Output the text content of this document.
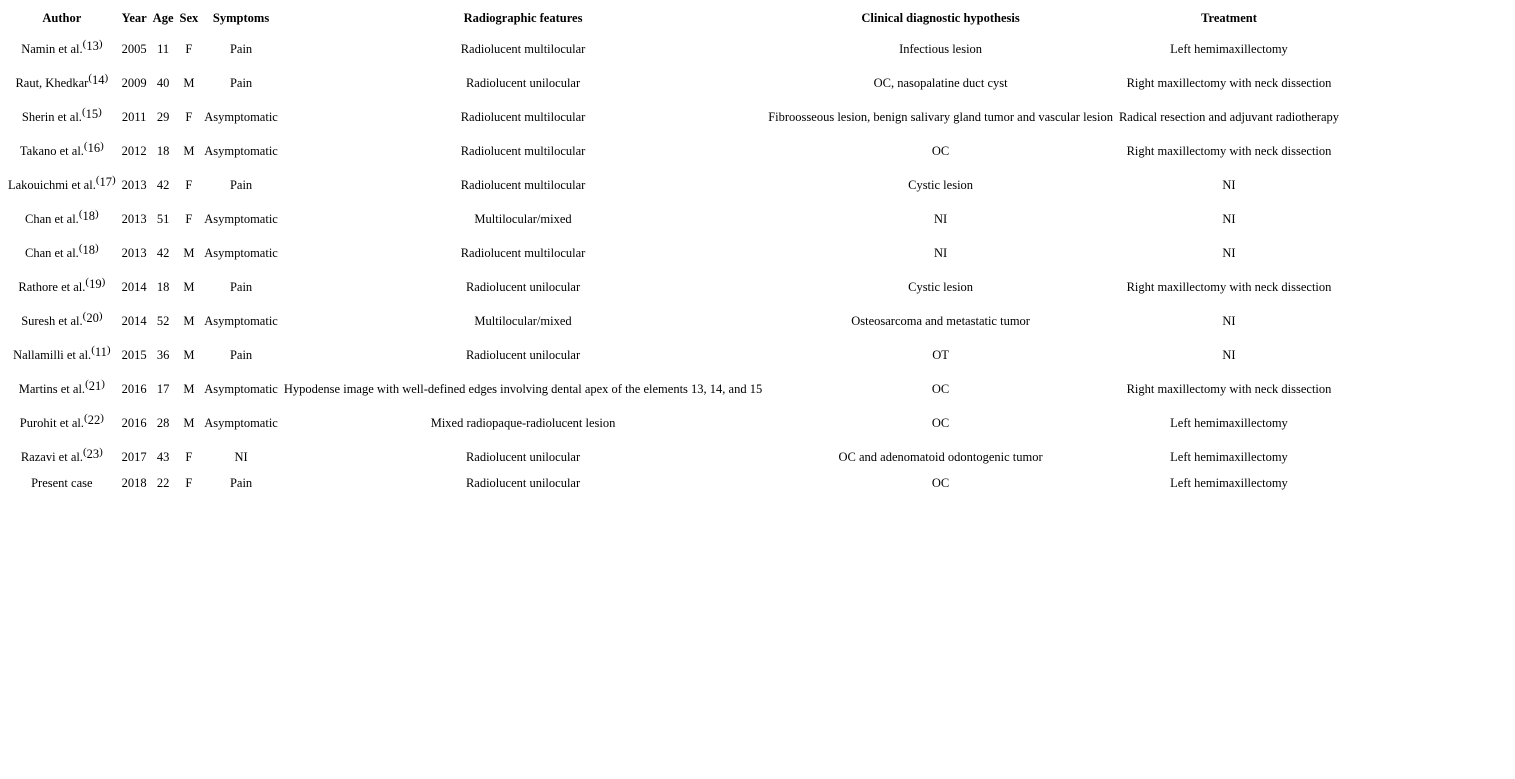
Author	Year	Age	Sex	Symptoms	Radiographic features	Clinical diagnostic hypothesis	Treatment
Namin et al.(13)	2005	11	F	Pain	Radiolucent multilocular	Infectious lesion	Left hemimaxillectomy
Raut, Khedkar(14)	2009	40	M	Pain	Radiolucent unilocular	OC, nasopalatine duct cyst	Right maxillectomy with neck dissection
Sherin et al.(15)	2011	29	F	Asymptomatic	Radiolucent multilocular	Fibroosseous lesion, benign salivary gland tumor and vascular lesion	Radical resection and adjuvant radiotherapy
Takano et al.(16)	2012	18	M	Asymptomatic	Radiolucent multilocular	OC	Right maxillectomy with neck dissection
Lakouichmi et al.(17)	2013	42	F	Pain	Radiolucent multilocular	Cystic lesion	NI
Chan et al.(18)	2013	51	F	Asymptomatic	Multilocular/mixed	NI	NI
Chan et al.(18)	2013	42	M	Asymptomatic	Radiolucent multilocular	NI	NI
Rathore et al.(19)	2014	18	M	Pain	Radiolucent unilocular	Cystic lesion	Right maxillectomy with neck dissection
Suresh et al.(20)	2014	52	M	Asymptomatic	Multilocular/mixed	Osteosarcoma and metastatic tumor	NI
Nallamilli et al.(11)	2015	36	M	Pain	Radiolucent unilocular	OT	NI
Martins et al.(21)	2016	17	M	Asymptomatic	Hypodense image with well-defined edges involving dental apex of the elements 13, 14, and 15	OC	Right maxillectomy with neck dissection
Purohit et al.(22)	2016	28	M	Asymptomatic	Mixed radiopaque-radiolucent lesion	OC	Left hemimaxillectomy
Razavi et al.(23)	2017	43	F	NI	Radiolucent unilocular	OC and adenomatoid odontogenic tumor	Left hemimaxillectomy
Present case	2018	22	F	Pain	Radiolucent unilocular	OC	Left hemimaxillectomy
